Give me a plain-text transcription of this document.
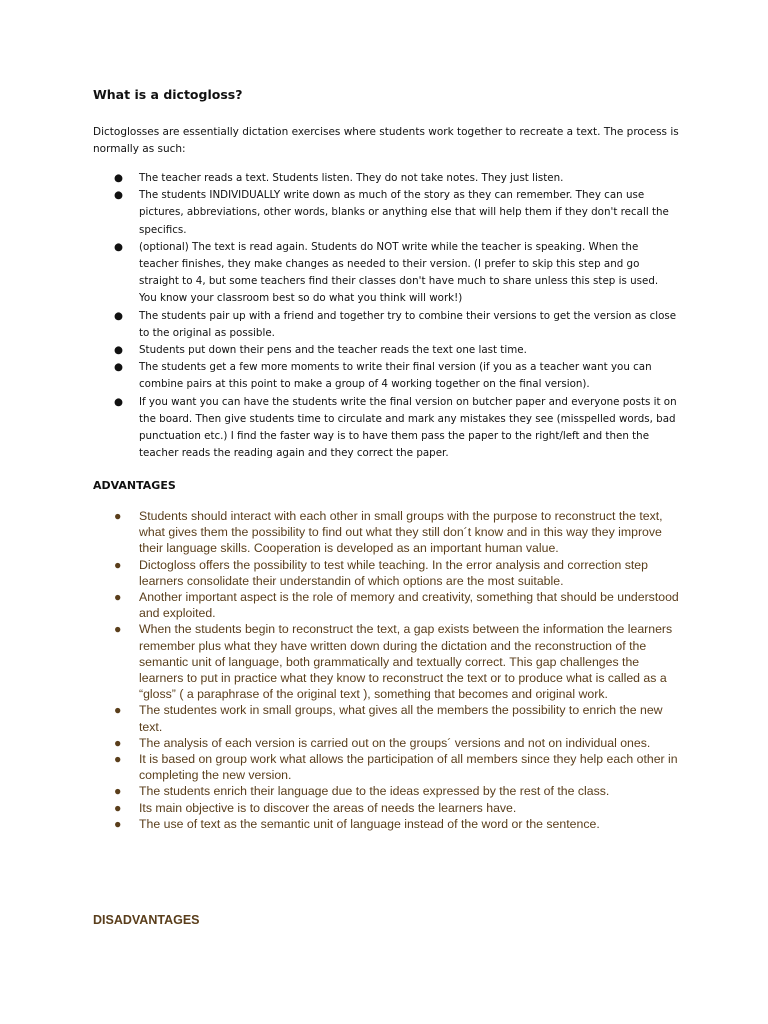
What is a dictogloss?

Dictoglosses are essentially dictation exercises where students work together to recreate a text. The process is normally as such:

● The teacher reads a text. Students listen. They do not take notes. They just listen.
● The students INDIVIDUALLY write down as much of the story as they can remember. They can use pictures, abbreviations, other words, blanks or anything else that will help them if they don't recall the specifics.
● (optional) The text is read again. Students do NOT write while the teacher is speaking. When the teacher finishes, they make changes as needed to their version. (I prefer to skip this step and go straight to 4, but some teachers find their classes don't have much to share unless this step is used. You know your classroom best so do what you think will work!)
● The students pair up with a friend and together try to combine their versions to get the version as close to the original as possible.
● Students put down their pens and the teacher reads the text one last time.
● The students get a few more moments to write their final version (if you as a teacher want you can combine pairs at this point to make a group of 4 working together on the final version).
● If you want you can have the students write the final version on butcher paper and everyone posts it on the board. Then give students time to circulate and mark any mistakes they see (misspelled words, bad punctuation etc.) I find the faster way is to have them pass the paper to the right/left and then the teacher reads the reading again and they correct the paper.
ADVANTAGES
● Students should interact with each other in small groups with the purpose to reconstruct the text, what gives them the possibility to find out what they still don´t know and in this way they improve their language skills. Cooperation is developed as an important human value.
● Dictogloss offers the possibility to test while teaching. In the error analysis and correction step learners consolidate their understandin of which options are the most suitable.
● Another important aspect is the role of memory and creativity, something that should be understood and exploited.
● When the students begin to reconstruct the text, a gap exists between the information the learners remember plus what they have written down during the dictation and the reconstruction of the semantic unit of language, both grammatically and textually correct. This gap challenges the learners to put in practice what they know to reconstruct the text or to produce what is called as a “gloss” ( a paraphrase of the original text ), something that becomes and original work.
● The studentes work in small groups, what gives all the members the possibility to enrich the new text.
● The analysis of each version is carried out on the groups´ versions and not on individual ones.
● It is based on group work what allows the participation of all members since they help each other in completing the new version.
● The students enrich their language due to the ideas expressed by the rest of the class.
● Its main objective is to discover the areas of needs the learners have.
● The use of text as the semantic unit of language instead of the word or the sentence.
DISADVANTAGES
